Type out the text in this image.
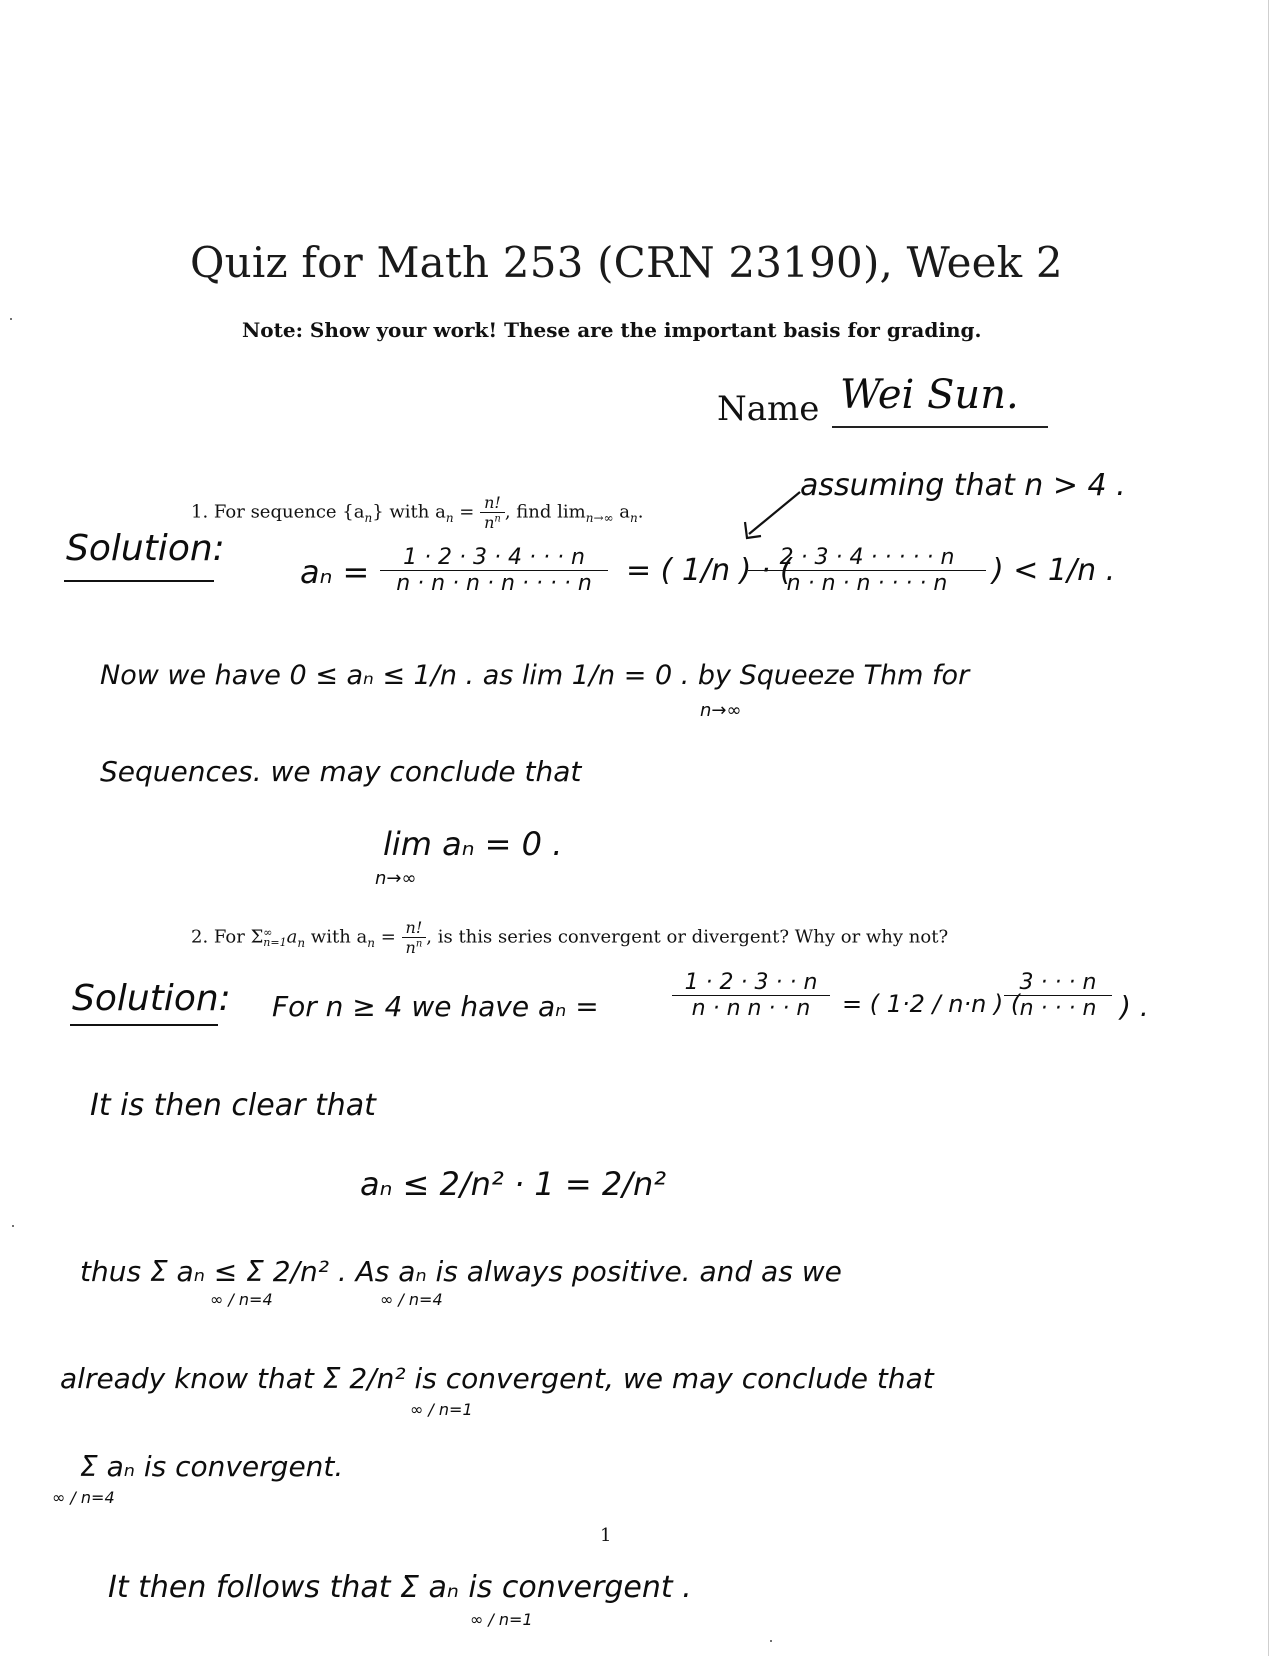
Quiz for Math 253 (CRN 23190), Week 2
Note: Show your work! These are the important basis for grading.
Name Wei Sun.
1. For sequence $\{a_n\}$ with $a_n = \frac{n!}{n^n}$ , find $\lim_{n\to\infty} a_n$.
assuming that n > 4 .
Solution:
$a_n = \frac{1 \cdot 2 \cdot 3 \cdot 4 \cdot \cdot \cdot n}{n \cdot n \cdot n \cdot n \cdot \cdot \cdot \cdot n}$ = ( 1/n ) · (
$\frac{2 \cdot 3 \cdot 4 \cdot \cdot \cdot \cdot \cdot n}{n \cdot n \cdot n \cdot \cdot \cdot \cdot n}$ ) < 1/n .
Now we have 0 ≤ aₙ ≤ 1/n . as lim 1/n = 0 . by Squeeze Thm for
n→∞
Sequences. we may conclude that
lim aₙ = 0 .
n→∞
2. For Σ ∞
n=1 $a_n$ with $a_n = \frac{n!}{n^n}$ , is this series convergent or divergent? Why or why not?
Solution: For n ≥ 4 we have aₙ =	$\frac{1 \cdot 2 \cdot 3 \cdot \cdot n}{\text{n · n n · · n}}$ = ( 1·2 / n·n ) (
$\frac{3 \cdot \cdot \cdot n}{n \cdot \cdot \cdot n}$ ) .
It is then clear that
aₙ ≤ 2/n² · 1 = 2/n²
thus Σ aₙ ≤ Σ 2/n² . As aₙ is always positive. and as we
∞ / n=4	∞ / n=4
already know that Σ 2/n² is convergent, we may conclude that
∞ / n=1
Σ aₙ is convergent.
∞ / n=4
1
It then follows that Σ aₙ is convergent .
∞ / n=1
